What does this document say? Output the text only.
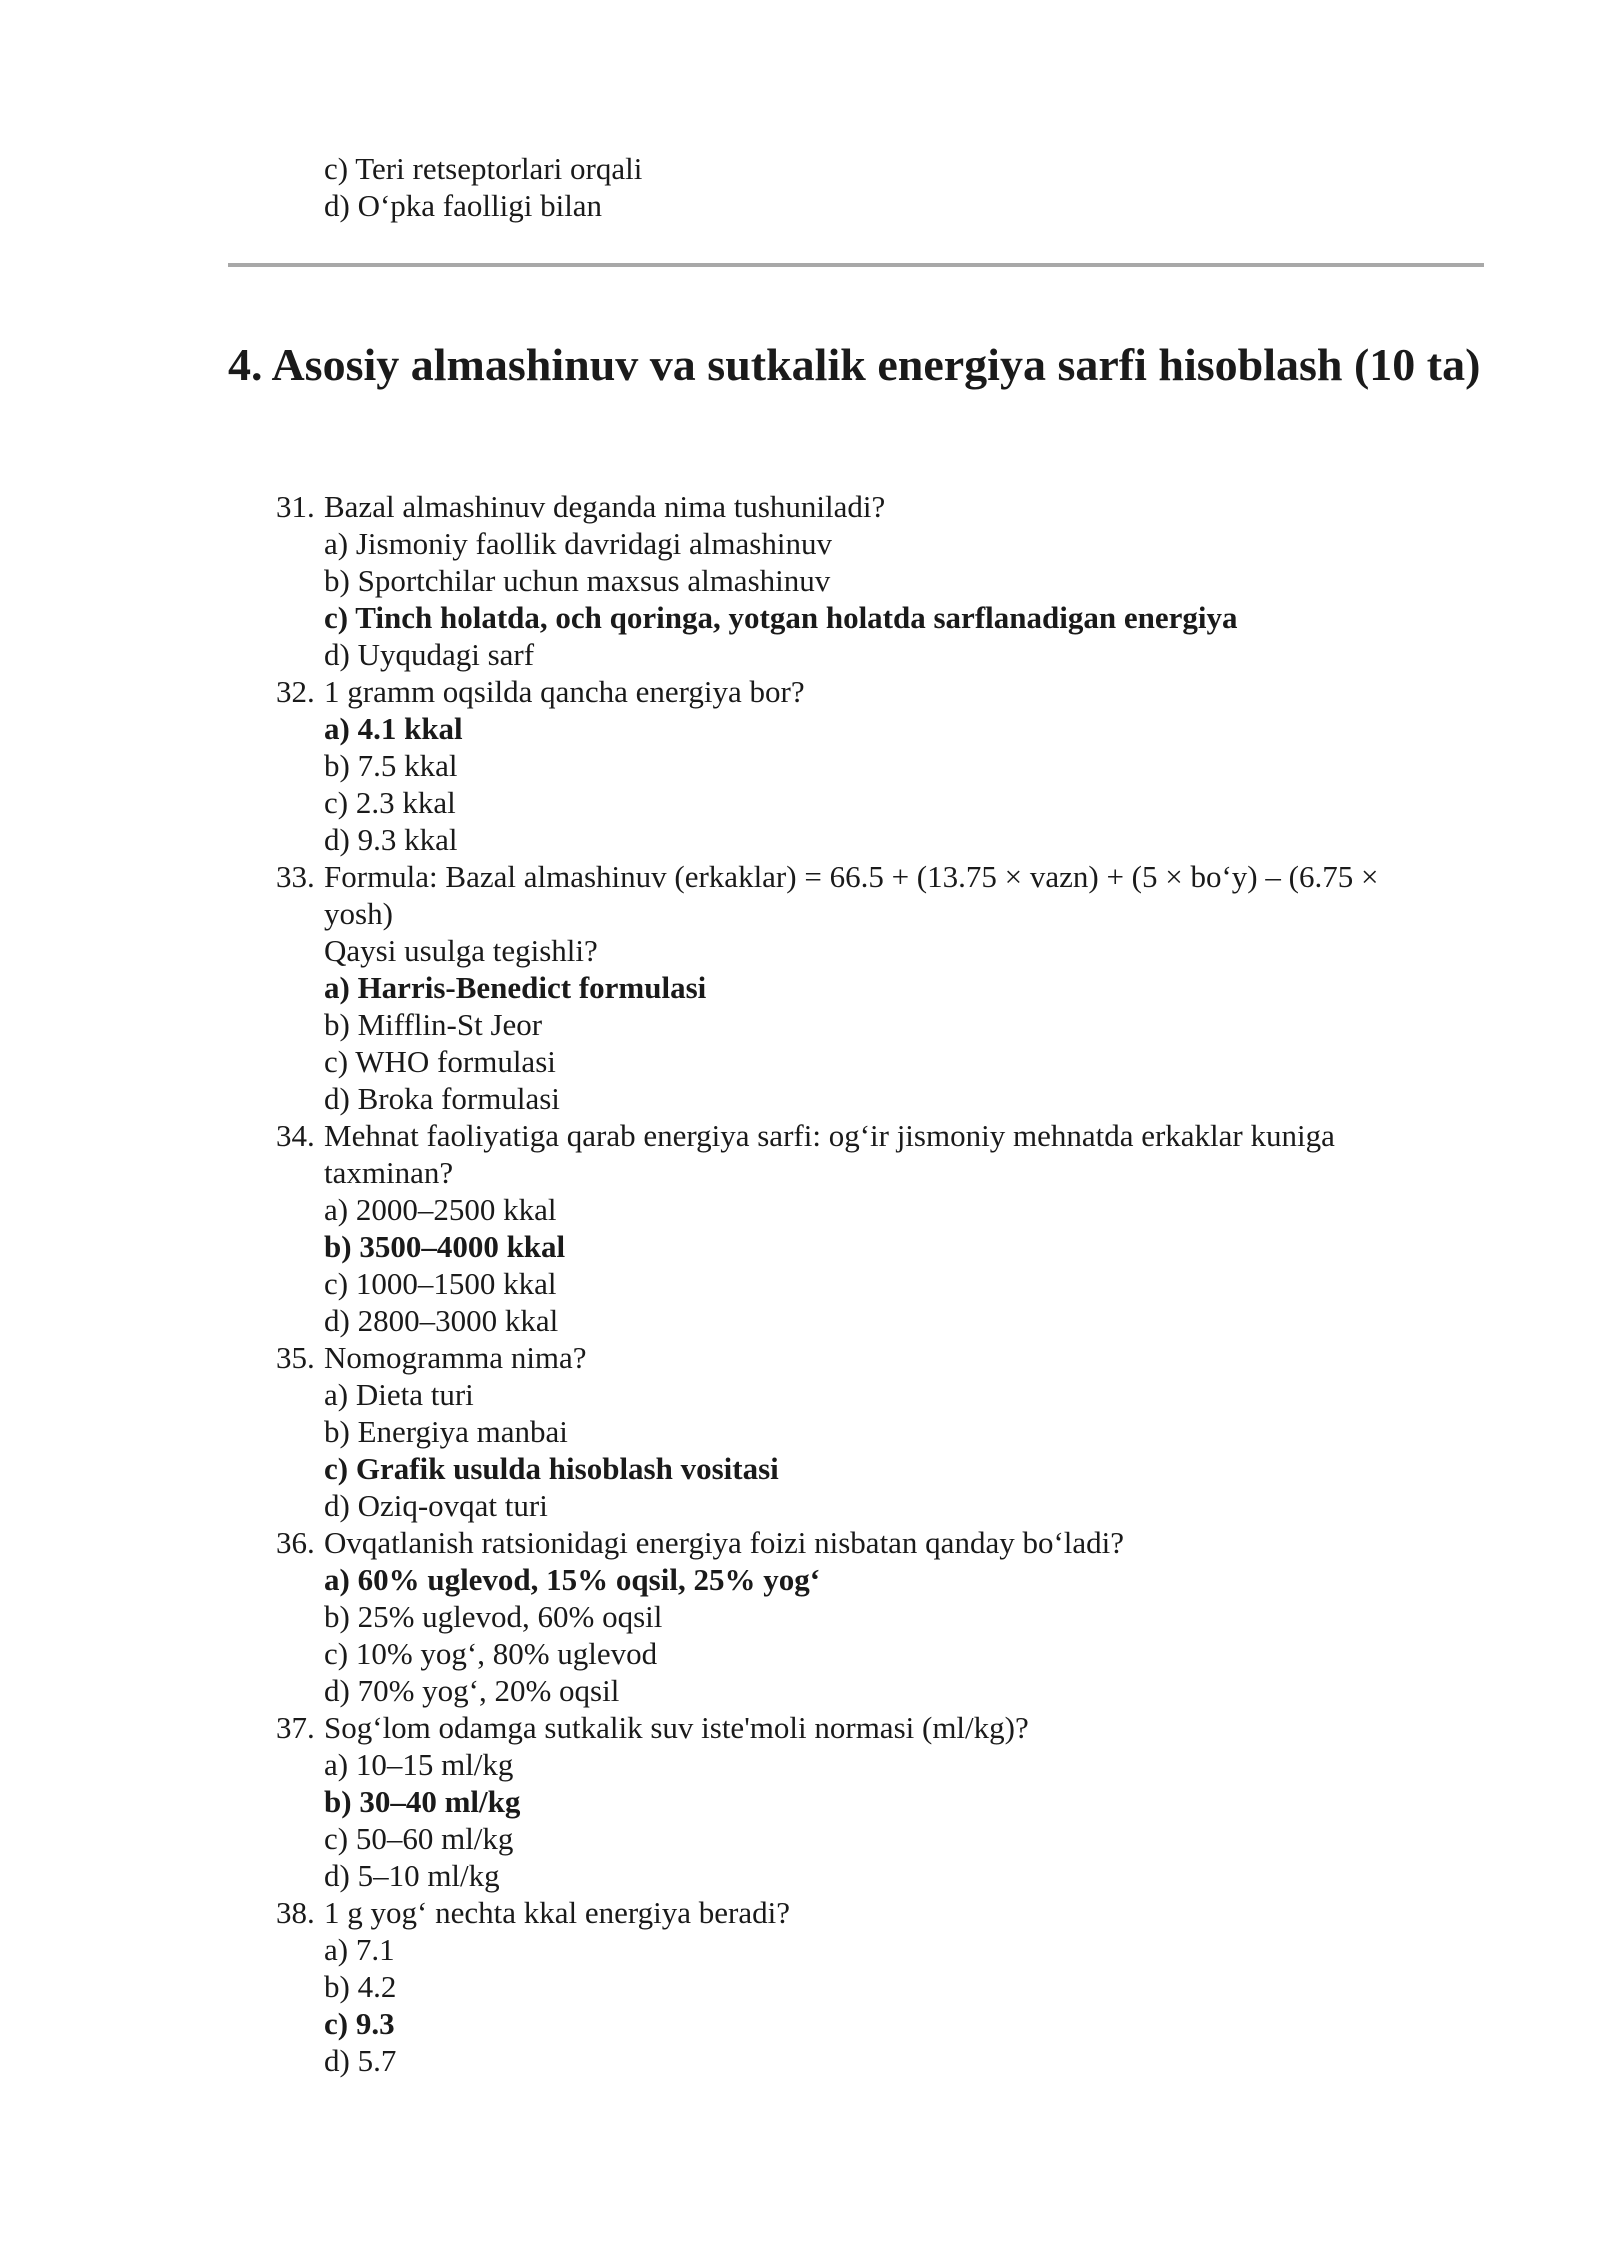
c) Teri retseptorlari orqali
d) O‘pka faolligi bilan
4. Asosiy almashinuv va sutkalik energiya sarfi hisoblash (10 ta)
31. Bazal almashinuv deganda nima tushuniladi?
a) Jismoniy faollik davridagi almashinuv
b) Sportchilar uchun maxsus almashinuv
c) Tinch holatda, och qoringa, yotgan holatda sarflanadigan energiya
d) Uyqudagi sarf
32. 1 gramm oqsilda qancha energiya bor?
a) 4.1 kkal
b) 7.5 kkal
c) 2.3 kkal
d) 9.3 kkal
33. Formula: Bazal almashinuv (erkaklar) = 66.5 + (13.75 × vazn) + (5 × bo‘y) – (6.75 ×
yosh)
Qaysi usulga tegishli?
a) Harris-Benedict formulasi
b) Mifflin-St Jeor
c) WHO formulasi
d) Broka formulasi
34. Mehnat faoliyatiga qarab energiya sarfi: og‘ir jismoniy mehnatda erkaklar kuniga
taxminan?
a) 2000–2500 kkal
b) 3500–4000 kkal
c) 1000–1500 kkal
d) 2800–3000 kkal
35. Nomogramma nima?
a) Dieta turi
b) Energiya manbai
c) Grafik usulda hisoblash vositasi
d) Oziq-ovqat turi
36. Ovqatlanish ratsionidagi energiya foizi nisbatan qanday bo‘ladi?
a) 60% uglevod, 15% oqsil, 25% yog‘
b) 25% uglevod, 60% oqsil
c) 10% yog‘, 80% uglevod
d) 70% yog‘, 20% oqsil
37. Sog‘lom odamga sutkalik suv iste'moli normasi (ml/kg)?
a) 10–15 ml/kg
b) 30–40 ml/kg
c) 50–60 ml/kg
d) 5–10 ml/kg
38. 1 g yog‘ nechta kkal energiya beradi?
a) 7.1
b) 4.2
c) 9.3
d) 5.7
